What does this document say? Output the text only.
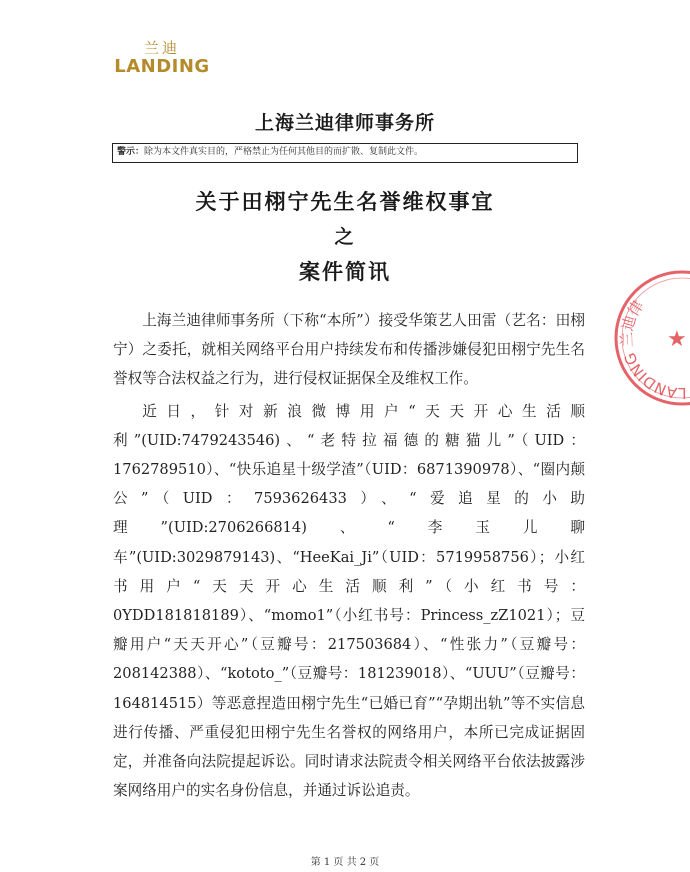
兰迪
LANDING
上海兰迪律师事务所
警示：除为本文件真实目的，严格禁止为任何其他目的而扩散、复制此文件。
关于田栩宁先生名誉维权事宜
之
案件简讯

上海兰迪律师事务所（下称“本所”）接受华策艺人田雷（艺名：田栩宁）之委托，就相关网络平台用户持续发布和传播涉嫌侵犯田栩宁先生名誉权等合法权益之行为，进行侵权证据保全及维权工作。

近日，针对新浪微博用户“天天开心生活顺利”(UID:7479243546)、“老特拉福德的糖猫儿”（UID：1762789510）、“快乐追星十级学渣”（UID：6871390978）、“圈内颠公”（UID：7593626433）、“爱追星的小助理”(UID:2706266814)、“李玉儿聊车”(UID:3029879143)、“HeeKai_Ji”（UID：5719958756）；小红书用户“天天开心生活顺利”（小红书号：0YDD181818189）、“momo1”（小红书号：Princess_zZ1021）；豆瓣用户“天天开心”（豆瓣号：217503684）、“性张力”（豆瓣号：208142388）、“kototo_”（豆瓣号：181239018）、“UUU”（豆瓣号：164814515）等恶意捏造田栩宁先生“已婚已育”“孕期出轨”等不实信息进行传播、严重侵犯田栩宁先生名誉权的网络用户，本所已完成证据固定，并准备向法院提起诉讼。同时请求法院责令相关网络平台依法披露涉案网络用户的实名身份信息，并通过诉讼追责。

LANDING 兰迪律
★
第 1 页 共 2 页
